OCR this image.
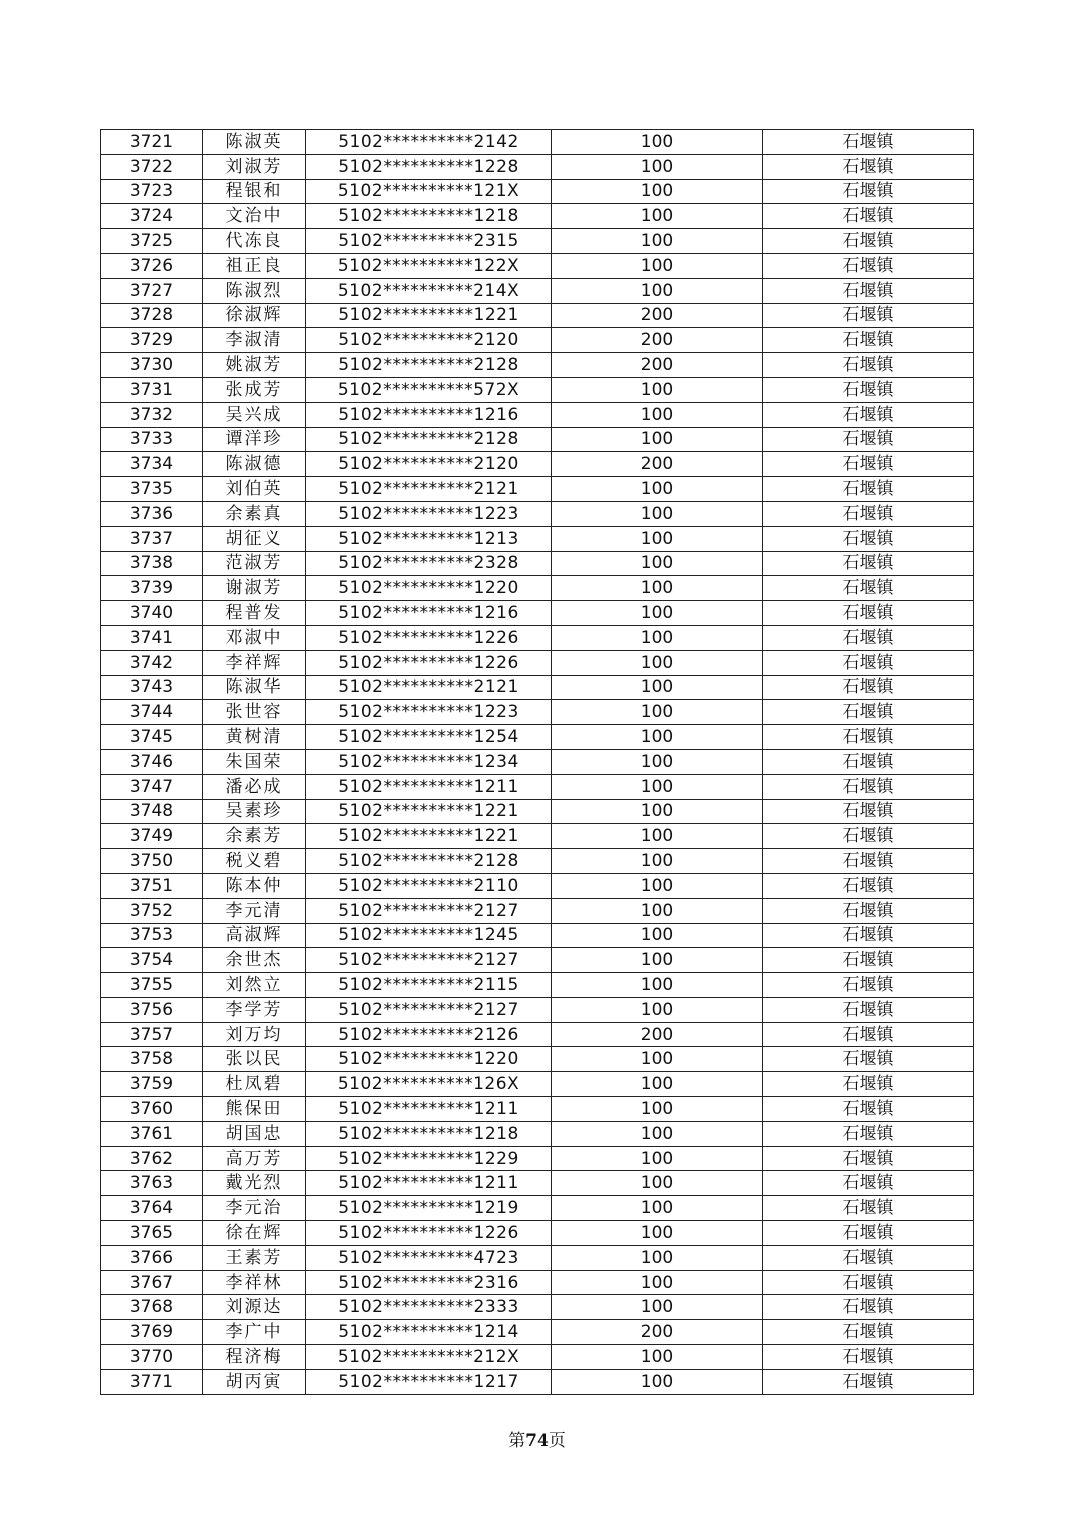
3721	陈淑英	5102**********2142	100	石堰镇
3722	刘淑芳	5102**********1228	100	石堰镇
3723	程银和	5102**********121X	100	石堰镇
3724	文治中	5102**********1218	100	石堰镇
3725	代冻良	5102**********2315	100	石堰镇
3726	祖正良	5102**********122X	100	石堰镇
3727	陈淑烈	5102**********214X	100	石堰镇
3728	徐淑辉	5102**********1221	200	石堰镇
3729	李淑清	5102**********2120	200	石堰镇
3730	姚淑芳	5102**********2128	200	石堰镇
3731	张成芳	5102**********572X	100	石堰镇
3732	吴兴成	5102**********1216	100	石堰镇
3733	谭洋珍	5102**********2128	100	石堰镇
3734	陈淑德	5102**********2120	200	石堰镇
3735	刘伯英	5102**********2121	100	石堰镇
3736	余素真	5102**********1223	100	石堰镇
3737	胡征义	5102**********1213	100	石堰镇
3738	范淑芳	5102**********2328	100	石堰镇
3739	谢淑芳	5102**********1220	100	石堰镇
3740	程普发	5102**********1216	100	石堰镇
3741	邓淑中	5102**********1226	100	石堰镇
3742	李祥辉	5102**********1226	100	石堰镇
3743	陈淑华	5102**********2121	100	石堰镇
3744	张世容	5102**********1223	100	石堰镇
3745	黄树清	5102**********1254	100	石堰镇
3746	朱国荣	5102**********1234	100	石堰镇
3747	潘必成	5102**********1211	100	石堰镇
3748	吴素珍	5102**********1221	100	石堰镇
3749	余素芳	5102**********1221	100	石堰镇
3750	税义碧	5102**********2128	100	石堰镇
3751	陈本仲	5102**********2110	100	石堰镇
3752	李元清	5102**********2127	100	石堰镇
3753	高淑辉	5102**********1245	100	石堰镇
3754	余世杰	5102**********2127	100	石堰镇
3755	刘然立	5102**********2115	100	石堰镇
3756	李学芳	5102**********2127	100	石堰镇
3757	刘万均	5102**********2126	200	石堰镇
3758	张以民	5102**********1220	100	石堰镇
3759	杜凤碧	5102**********126X	100	石堰镇
3760	熊保田	5102**********1211	100	石堰镇
3761	胡国忠	5102**********1218	100	石堰镇
3762	高万芳	5102**********1229	100	石堰镇
3763	戴光烈	5102**********1211	100	石堰镇
3764	李元治	5102**********1219	100	石堰镇
3765	徐在辉	5102**********1226	100	石堰镇
3766	王素芳	5102**********4723	100	石堰镇
3767	李祥林	5102**********2316	100	石堰镇
3768	刘源达	5102**********2333	100	石堰镇
3769	李广中	5102**********1214	200	石堰镇
3770	程济梅	5102**********212X	100	石堰镇
3771	胡丙寅	5102**********1217	100	石堰镇
第74页
